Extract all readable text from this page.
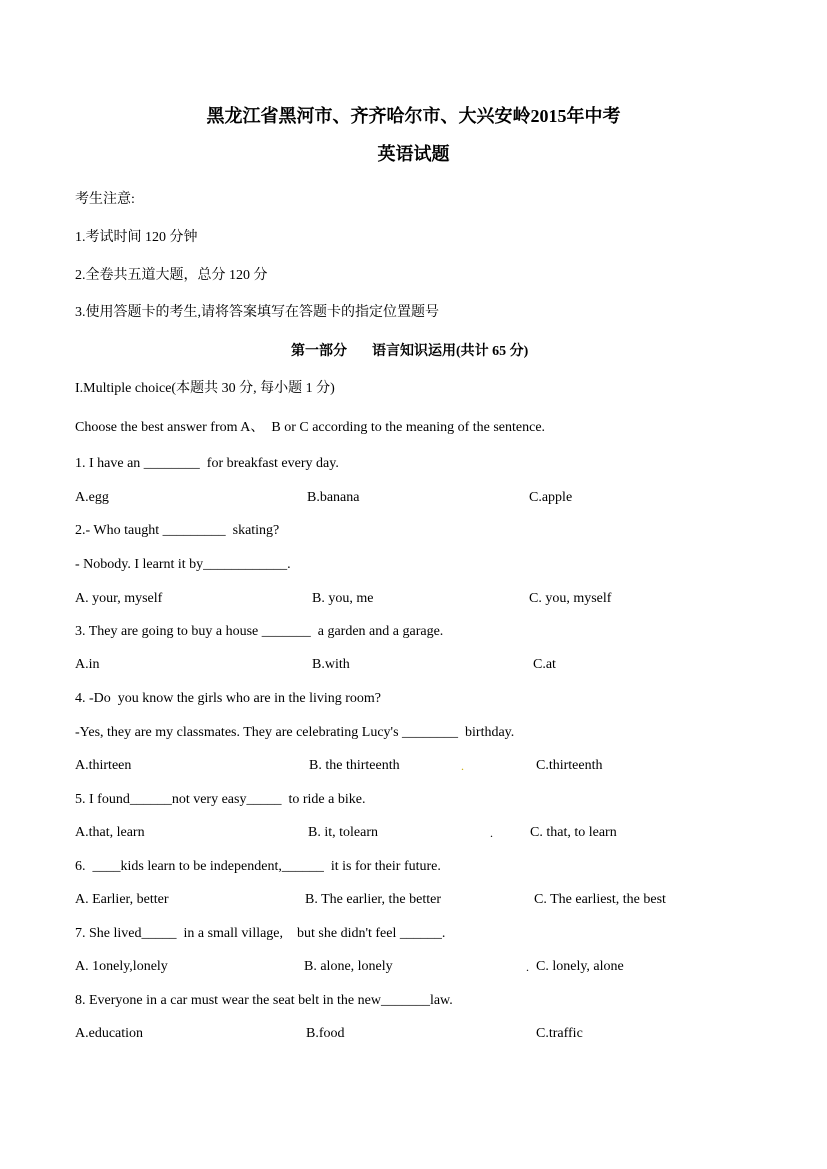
黑龙江省黑河市、齐齐哈尔市、大兴安岭2015年中考
英语试题
考生注意:
1.考试时间 120 分钟
2.全卷共五道大题，总分 120 分
3.使用答题卡的考生,请将答案填写在答题卡的指定位置题号
第一部分 语言知识运用(共计 65 分)
I.Multiple choice(本题共 30 分, 每小题 1 分)
Choose the best answer from A、  B or C according to the meaning of the sentence.
1. I have an ________  for breakfast every day.
A.egg	B.banana	C.apple
2.- Who taught _________  skating?
- Nobody. I learnt it by____________.
A. your, myself	B. you, me	C. you, myself
3. They are going to buy a house _______  a garden and a garage.
A.in	B.with	C.at
4. -Do  you know the girls who are in the living room?
-Yes, they are my classmates. They are celebrating Lucy's ________  birthday.
A.thirteen	B. the thirteenth	.	C.thirteenth
5. I found______not very easy_____  to ride a bike.
A.that, learn	B. it, tolearn	.	C. that, to learn
6.  ____kids learn to be independent,______  it is for their future.
A. Earlier, better	B. The earlier, the better	C. The earliest, the best
7. She lived_____  in a small village,    but she didn't feel ______.
A. 1onely,lonely	B. alone, lonely	. C. lonely, alone
8. Everyone in a car must wear the seat belt in the new_______law.
A.education	B.food	C.traffic
